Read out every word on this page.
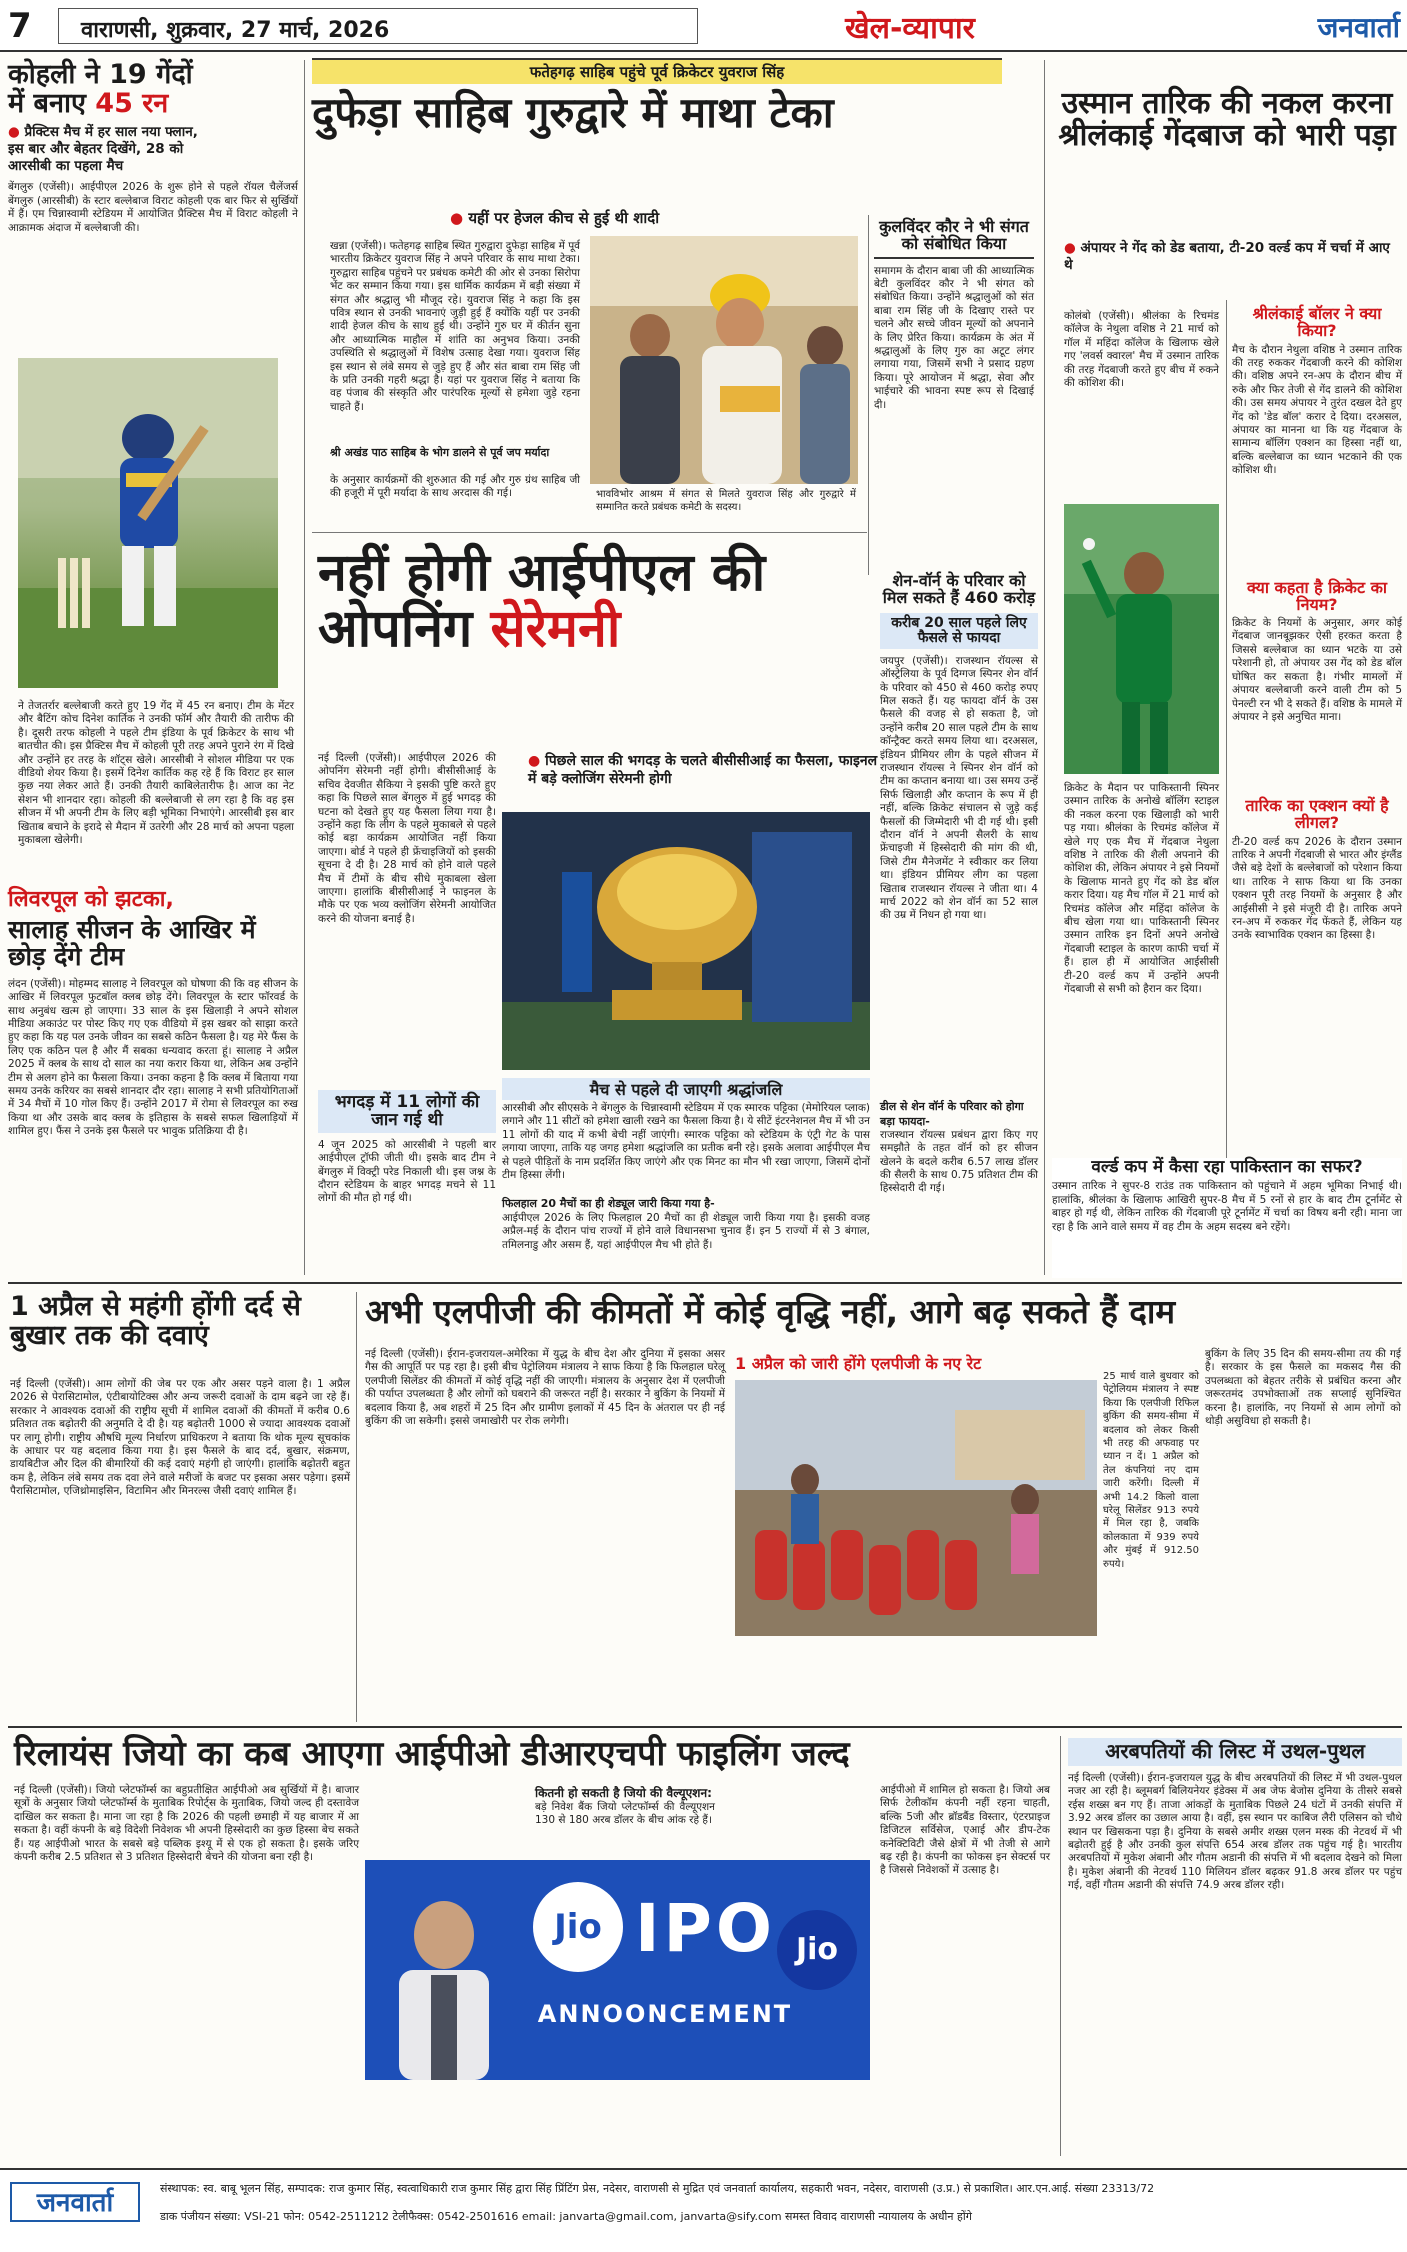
7	वाराणसी, शुक्रवार, 27 मार्च, 2026	खेल-व्यापार	जनवार्ता
कोहली ने 19 गेंदों
में बनाए 45 रन
● प्रैक्टिस मैच में हर साल नया फ्लान,
इस बार और बेहतर दिखेंगे, 28 को
आरसीबी का पहला मैच
बेंगलुरु (एजेंसी)। आईपीएल 2026 के शुरू होने से पहले रॉयल चैलेंजर्स बेंगलुरु (आरसीबी) के स्टार बल्लेबाज विराट कोहली एक बार फिर से सुर्खियों में हैं। एम चिन्नास्वामी स्टेडियम में आयोजित प्रैक्टिस मैच में विराट कोहली ने आक्रामक अंदाज में बल्लेबाजी की।
ने तेजतर्रार बल्लेबाजी करते हुए 19 गेंद में 45 रन बनाए। टीम के मेंटर और बैटिंग कोच दिनेश कार्तिक ने उनकी फॉर्म और तैयारी की तारीफ की है। दूसरी तरफ कोहली ने पहले टीम इंडिया के पूर्व क्रिकेटर के साथ भी बातचीत की। इस प्रैक्टिस मैच में कोहली पूरी तरह अपने पुराने रंग में दिखे और उन्होंने हर तरह के शॉट्स खेले। आरसीबी ने सोशल मीडिया पर एक वीडियो शेयर किया है। इसमें दिनेश कार्तिक कह रहे हैं कि विराट हर साल कुछ नया लेकर आते हैं। उनकी तैयारी काबिलेतारीफ है। आज का नेट सेशन भी शानदार रहा। कोहली की बल्लेबाजी से लग रहा है कि वह इस सीजन में भी अपनी टीम के लिए बड़ी भूमिका निभाएंगे। आरसीबी इस बार खिताब बचाने के इरादे से मैदान में उतरेगी और 28 मार्च को अपना पहला मुकाबला खेलेगी।
लिवरपूल को झटका,
सालाह सीजन के आखिर में छोड़ देंगे टीम
लंदन (एजेंसी)। मोहम्मद सालाह ने लिवरपूल को घोषणा की कि वह सीजन के आखिर में लिवरपूल फुटबॉल क्लब छोड़ देंगे। लिवरपूल के स्टार फॉरवर्ड के साथ अनुबंध खत्म हो जाएगा। 33 साल के इस खिलाड़ी ने अपने सोशल मीडिया अकाउंट पर पोस्ट किए गए एक वीडियो में इस खबर को साझा करते हुए कहा कि यह पल उनके जीवन का सबसे कठिन फैसला है। यह मेरे फैंस के लिए एक कठिन पल है और मैं सबका धन्यवाद करता हूं। सालाह ने अप्रैल 2025 में क्लब के साथ दो साल का नया करार किया था, लेकिन अब उन्होंने टीम से अलग होने का फैसला किया। उनका कहना है कि क्लब में बिताया गया समय उनके करियर का सबसे शानदार दौर रहा। सालाह ने सभी प्रतियोगिताओं में 34 मैचों में 10 गोल किए हैं। उन्होंने 2017 में रोमा से लिवरपूल का रुख किया था और उसके बाद क्लब के इतिहास के सबसे सफल खिलाड़ियों में शामिल हुए। फैंस ने उनके इस फैसले पर भावुक प्रतिक्रिया दी है।
फतेहगढ़ साहिब पहुंचे पूर्व क्रिकेटर युवराज सिंह
दुफेड़ा साहिब गुरुद्वारे में माथा टेका
● यहीं पर हेजल कीच से हुई थी शादी
खन्ना (एजेंसी)। फतेहगढ़ साहिब स्थित गुरुद्वारा दुफेड़ा साहिब में पूर्व भारतीय क्रिकेटर युवराज सिंह ने अपने परिवार के साथ माथा टेका। गुरुद्वारा साहिब पहुंचने पर प्रबंधक कमेटी की ओर से उनका सिरोपा भेंट कर सम्मान किया गया। इस धार्मिक कार्यक्रम में बड़ी संख्या में संगत और श्रद्धालु भी मौजूद रहे। युवराज सिंह ने कहा कि इस पवित्र स्थान से उनकी भावनाएं जुड़ी हुई हैं क्योंकि यहीं पर उनकी शादी हेजल कीच के साथ हुई थी। उन्होंने गुरु घर में कीर्तन सुना और आध्यात्मिक माहौल में शांति का अनुभव किया। उनकी उपस्थिति से श्रद्धालुओं में विशेष उत्साह देखा गया। युवराज सिंह इस स्थान से लंबे समय से जुड़े हुए हैं और संत बाबा राम सिंह जी के प्रति उनकी गहरी श्रद्धा है। यहां पर युवराज सिंह ने बताया कि वह पंजाब की संस्कृति और पारंपरिक मूल्यों से हमेशा जुड़े रहना चाहते हैं।
श्री अखंड पाठ साहिब के भोग डालने से पूर्व जप मर्यादा
के अनुसार कार्यक्रमों की शुरुआत की गई और गुरु ग्रंथ साहिब जी की हजूरी में पूरी मर्यादा के साथ अरदास की गई।	भावविभोर आश्रम में संगत से मिलते युवराज सिंह और गुरुद्वारे में सम्मानित करते प्रबंधक कमेटी के सदस्य।
कुलविंदर कौर ने भी संगत को संबोधित किया
समागम के दौरान बाबा जी की आध्यात्मिक बेटी कुलविंदर कौर ने भी संगत को संबोधित किया। उन्होंने श्रद्धालुओं को संत बाबा राम सिंह जी के दिखाए रास्ते पर चलने और सच्चे जीवन मूल्यों को अपनाने के लिए प्रेरित किया। कार्यक्रम के अंत में श्रद्धालुओं के लिए गुरु का अटूट लंगर लगाया गया, जिसमें सभी ने प्रसाद ग्रहण किया। पूरे आयोजन में श्रद्धा, सेवा और भाईचारे की भावना स्पष्ट रूप से दिखाई दी।
नहीं होगी आईपीएल की
ओपनिंग सेरेमनी
नई दिल्ली (एजेंसी)। आईपीएल 2026 की ओपनिंग सेरेमनी नहीं होगी। बीसीसीआई के सचिव देवजीत सैकिया ने इसकी पुष्टि करते हुए कहा कि पिछले साल बेंगलुरु में हुई भगदड़ की घटना को देखते हुए यह फैसला लिया गया है। उन्होंने कहा कि लीग के पहले मुकाबले से पहले कोई बड़ा कार्यक्रम आयोजित नहीं किया जाएगा। बोर्ड ने पहले ही फ्रेंचाइजियों को इसकी सूचना दे दी है। 28 मार्च को होने वाले पहले मैच में टीमों के बीच सीधे मुकाबला खेला जाएगा। हालांकि बीसीसीआई ने फाइनल के मौके पर एक भव्य क्लोजिंग सेरेमनी आयोजित करने की योजना बनाई है।
● पिछले साल की भगदड़ के चलते बीसीसीआई का फैसला, फाइनल में बड़े क्लोजिंग सेरेमनी होगी
मैच से पहले दी जाएगी श्रद्धांजलि
भगदड़ में 11 लोगों की जान गई थी
4 जून 2025 को आरसीबी ने पहली बार आईपीएल ट्रॉफी जीती थी। इसके बाद टीम ने बेंगलुरु में विक्ट्री परेड निकाली थी। इस जश्न के दौरान स्टेडियम के बाहर भगदड़ मचने से 11 लोगों की मौत हो गई थी।
आरसीबी और सीएसके ने बेंगलुरु के चिन्नास्वामी स्टेडियम में एक स्मारक पट्टिका (मेमोरियल प्लाक) लगाने और 11 सीटों को हमेशा खाली रखने का फैसला किया है। ये सीटें इंटरनेशनल मैच में भी उन 11 लोगों की याद में कभी बेची नहीं जाएंगी। स्मारक पट्टिका को स्टेडियम के एंट्री गेट के पास लगाया जाएगा, ताकि यह जगह हमेशा श्रद्धांजलि का प्रतीक बनी रहे। इसके अलावा आईपीएल मैच से पहले पीड़ितों के नाम प्रदर्शित किए जाएंगे और एक मिनट का मौन भी रखा जाएगा, जिसमें दोनों टीम हिस्सा लेंगी।
फिलहाल 20 मैचों का ही शेड्यूल जारी किया गया है-
आईपीएल 2026 के लिए फिलहाल 20 मैचों का ही शेड्यूल जारी किया गया है। इसकी वजह अप्रैल-मई के दौरान पांच राज्यों में होने वाले विधानसभा चुनाव हैं। इन 5 राज्यों में से 3 बंगाल, तमिलनाडु और असम हैं, यहां आईपीएल मैच भी होते हैं।
शेन-वॉर्न के परिवार को मिल सकते हैं 460 करोड़
करीब 20 साल पहले लिए फैसले से फायदा
जयपुर (एजेंसी)। राजस्थान रॉयल्स से ऑस्ट्रेलिया के पूर्व दिग्गज स्पिनर शेन वॉर्न के परिवार को 450 से 460 करोड़ रुपए मिल सकते हैं। यह फायदा वॉर्न के उस फैसले की वजह से हो सकता है, जो उन्होंने करीब 20 साल पहले टीम के साथ कॉन्ट्रैक्ट करते समय लिया था। दरअसल, इंडियन प्रीमियर लीग के पहले सीजन में राजस्थान रॉयल्स ने स्पिनर शेन वॉर्न को टीम का कप्तान बनाया था। उस समय उन्हें सिर्फ खिलाड़ी और कप्तान के रूप में ही नहीं, बल्कि क्रिकेट संचालन से जुड़े कई फैसलों की जिम्मेदारी भी दी गई थी। इसी दौरान वॉर्न ने अपनी सैलरी के साथ फ्रेंचाइजी में हिस्सेदारी की मांग की थी, जिसे टीम मैनेजमेंट ने स्वीकार कर लिया था। इंडियन प्रीमियर लीग का पहला खिताब राजस्थान रॉयल्स ने जीता था। 4 मार्च 2022 को शेन वॉर्न का 52 साल की उम्र में निधन हो गया था।
डील से शेन वॉर्न के परिवार को होगा बड़ा फायदा-
राजस्थान रॉयल्स प्रबंधन द्वारा किए गए समझौते के तहत वॉर्न को हर सीजन खेलने के बदले करीब 6.57 लाख डॉलर की सैलरी के साथ 0.75 प्रतिशत टीम की हिस्सेदारी दी गई।
उस्मान तारिक की नकल करना श्रीलंकाई गेंदबाज को भारी पड़ा
● अंपायर ने गेंद को डेड बताया, टी-20 वर्ल्ड कप में चर्चा में आए थे
कोलंबो (एजेंसी)। श्रीलंका के रिचमंड कॉलेज के नेथुला वशिष्ठ ने 21 मार्च को गॉल में महिंदा कॉलेज के खिलाफ खेले गए 'लवर्स क्वारल' मैच में उस्मान तारिक की तरह गेंदबाजी करते हुए बीच में रुकने की कोशिश की।
क्रिकेट के मैदान पर पाकिस्तानी स्पिनर उस्मान तारिक के अनोखे बॉलिंग स्टाइल की नकल करना एक खिलाड़ी को भारी पड़ गया। श्रीलंका के रिचमंड कॉलेज में खेले गए एक मैच में गेंदबाज नेथुला वशिष्ठ ने तारिक की शैली अपनाने की कोशिश की, लेकिन अंपायर ने इसे नियमों के खिलाफ मानते हुए गेंद को डेड बॉल करार दिया। यह मैच गॉल में 21 मार्च को रिचमंड कॉलेज और महिंदा कॉलेज के बीच खेला गया था। पाकिस्तानी स्पिनर उस्मान तारिक इन दिनों अपने अनोखे गेंदबाजी स्टाइल के कारण काफी चर्चा में हैं। हाल ही में आयोजित आईसीसी टी-20 वर्ल्ड कप में उन्होंने अपनी गेंदबाजी से सभी को हैरान कर दिया।
श्रीलंकाई बॉलर ने क्या किया?
मैच के दौरान नेथुला वशिष्ठ ने उस्मान तारिक की तरह रुककर गेंदबाजी करने की कोशिश की। वशिष्ठ अपने रन-अप के दौरान बीच में रुके और फिर तेजी से गेंद डालने की कोशिश की। उस समय अंपायर ने तुरंत दखल देते हुए गेंद को 'डेड बॉल' करार दे दिया। दरअसल, अंपायर का मानना था कि यह गेंदबाज के सामान्य बॉलिंग एक्शन का हिस्सा नहीं था, बल्कि बल्लेबाज का ध्यान भटकाने की एक कोशिश थी।
क्या कहता है क्रिकेट का नियम?
क्रिकेट के नियमों के अनुसार, अगर कोई गेंदबाज जानबूझकर ऐसी हरकत करता है जिससे बल्लेबाज का ध्यान भटके या उसे परेशानी हो, तो अंपायर उस गेंद को डेड बॉल घोषित कर सकता है। गंभीर मामलों में अंपायर बल्लेबाजी करने वाली टीम को 5 पेनल्टी रन भी दे सकते हैं। वशिष्ठ के मामले में अंपायर ने इसे अनुचित माना।
तारिक का एक्शन क्यों है लीगल?
टी-20 वर्ल्ड कप 2026 के दौरान उस्मान तारिक ने अपनी गेंदबाजी से भारत और इंग्लैंड जैसे बड़े देशों के बल्लेबाजों को परेशान किया था। तारिक ने साफ किया था कि उनका एक्शन पूरी तरह नियमों के अनुसार है और आईसीसी ने इसे मंजूरी दी है। तारिक अपने रन-अप में रुककर गेंद फेंकते हैं, लेकिन यह उनके स्वाभाविक एक्शन का हिस्सा है।
वर्ल्ड कप में कैसा रहा पाकिस्तान का सफर?
उस्मान तारिक ने सुपर-8 राउंड तक पाकिस्तान को पहुंचाने में अहम भूमिका निभाई थी। हालांकि, श्रीलंका के खिलाफ आखिरी सुपर-8 मैच में 5 रनों से हार के बाद टीम टूर्नामेंट से बाहर हो गई थी, लेकिन तारिक की गेंदबाजी पूरे टूर्नामेंट में चर्चा का विषय बनी रही। माना जा रहा है कि आने वाले समय में वह टीम के अहम सदस्य बने रहेंगे।
1 अप्रैल से महंगी होंगी दर्द से बुखार तक की दवाएं
नई दिल्ली (एजेंसी)। आम लोगों की जेब पर एक और असर पड़ने वाला है। 1 अप्रैल 2026 से पेरासिटामोल, एंटीबायोटिक्स और अन्य जरूरी दवाओं के दाम बढ़ने जा रहे हैं। सरकार ने आवश्यक दवाओं की राष्ट्रीय सूची में शामिल दवाओं की कीमतों में करीब 0.6 प्रतिशत तक बढ़ोतरी की अनुमति दे दी है। यह बढ़ोतरी 1000 से ज्यादा आवश्यक दवाओं पर लागू होगी। राष्ट्रीय औषधि मूल्य निर्धारण प्राधिकरण ने बताया कि थोक मूल्य सूचकांक के आधार पर यह बदलाव किया गया है। इस फैसले के बाद दर्द, बुखार, संक्रमण, डायबिटीज और दिल की बीमारियों की कई दवाएं महंगी हो जाएंगी। हालांकि बढ़ोतरी बहुत कम है, लेकिन लंबे समय तक दवा लेने वाले मरीजों के बजट पर इसका असर पड़ेगा। इसमें पैरासिटामोल, एजिथ्रोमाइसिन, विटामिन और मिनरल्स जैसी दवाएं शामिल हैं।
अभी एलपीजी की कीमतों में कोई वृद्धि नहीं, आगे बढ़ सकते हैं दाम
नई दिल्ली (एजेंसी)। ईरान-इजरायल-अमेरिका में युद्ध के बीच देश और दुनिया में इसका असर गैस की आपूर्ति पर पड़ रहा है। इसी बीच पेट्रोलियम मंत्रालय ने साफ किया है कि फिलहाल घरेलू एलपीजी सिलेंडर की कीमतों में कोई वृद्धि नहीं की जाएगी। मंत्रालय के अनुसार देश में एलपीजी की पर्याप्त उपलब्धता है और लोगों को घबराने की जरूरत नहीं है। सरकार ने बुकिंग के नियमों में बदलाव किया है, अब शहरों में 25 दिन और ग्रामीण इलाकों में 45 दिन के अंतराल पर ही नई बुकिंग की जा सकेगी। इससे जमाखोरी पर रोक लगेगी।
1 अप्रैल को जारी होंगे एलपीजी के नए रेट
25 मार्च वाले बुधवार को पेट्रोलियम मंत्रालय ने स्पष्ट किया कि एलपीजी रिफिल बुकिंग की समय-सीमा में बदलाव को लेकर किसी भी तरह की अफवाह पर ध्यान न दें। 1 अप्रैल को तेल कंपनियां नए दाम जारी करेंगी। दिल्ली में अभी 14.2 किलो वाला घरेलू सिलेंडर 913 रुपये में मिल रहा है, जबकि कोलकाता में 939 रुपये और मुंबई में 912.50 रुपये।
बुकिंग के लिए 35 दिन की समय-सीमा तय की गई है। सरकार के इस फैसले का मकसद गैस की उपलब्धता को बेहतर तरीके से प्रबंधित करना और जरूरतमंद उपभोक्ताओं तक सप्लाई सुनिश्चित करना है। हालांकि, नए नियमों से आम लोगों को थोड़ी असुविधा हो सकती है।
रिलायंस जियो का कब आएगा आईपीओ डीआरएचपी फाइलिंग जल्द
नई दिल्ली (एजेंसी)। जियो प्लेटफॉर्म्स का बहुप्रतीक्षित आईपीओ अब सुर्खियों में है। बाजार सूत्रों के अनुसार जियो प्लेटफॉर्म्स के मुताबिक रिपोर्ट्स के मुताबिक, जियो जल्द ही दस्तावेज दाखिल कर सकता है। माना जा रहा है कि 2026 की पहली छमाही में यह बाजार में आ सकता है। वहीं कंपनी के बड़े विदेशी निवेशक भी अपनी हिस्सेदारी का कुछ हिस्सा बेच सकते हैं। यह आईपीओ भारत के सबसे बड़े पब्लिक इश्यू में से एक हो सकता है। इसके जरिए कंपनी करीब 2.5 प्रतिशत से 3 प्रतिशत हिस्सेदारी बेचने की योजना बना रही है।
कितनी हो सकती है जियो की वैल्यूएशन:
बड़े निवेश बैंक जियो प्लेटफॉर्म्स की वैल्यूएशन 130 से 180 अरब डॉलर के बीच आंक रहे हैं।
Jio IPO
ANNOONCEMENT
Jio
आईपीओ में शामिल हो सकता है। जियो अब सिर्फ टेलीकॉम कंपनी नहीं रहना चाहती, बल्कि 5जी और ब्रॉडबैंड विस्तार, एंटरप्राइज डिजिटल सर्विसेज, एआई और डीप-टेक कनेक्टिविटी जैसे क्षेत्रों में भी तेजी से आगे बढ़ रही है। कंपनी का फोकस इन सेक्टर्स पर है जिससे निवेशकों में उत्साह है।
अरबपतियों की लिस्ट में उथल-पुथल
नई दिल्ली (एजेंसी)। ईरान-इजरायल युद्ध के बीच अरबपतियों की लिस्ट में भी उथल-पुथल नजर आ रही है। ब्लूमबर्ग बिलियनेयर इंडेक्स में अब जेफ बेजोस दुनिया के तीसरे सबसे रईस शख्स बन गए हैं। ताजा आंकड़ों के मुताबिक पिछले 24 घंटों में उनकी संपत्ति में 3.92 अरब डॉलर का उछाल आया है। वहीं, इस स्थान पर काबिज लैरी एलिसन को चौथे स्थान पर खिसकना पड़ा है। दुनिया के सबसे अमीर शख्स एलन मस्क की नेटवर्थ में भी बढ़ोतरी हुई है और उनकी कुल संपत्ति 654 अरब डॉलर तक पहुंच गई है। भारतीय अरबपतियों में मुकेश अंबानी और गौतम अडानी की संपत्ति में भी बदलाव देखने को मिला है। मुकेश अंबानी की नेटवर्थ 110 मिलियन डॉलर बढ़कर 91.8 अरब डॉलर पर पहुंच गई, वहीं गौतम अडानी की संपत्ति 74.9 अरब डॉलर रही।
जनवार्ता	संस्थापक: स्व. बाबू भूलन सिंह, सम्पादक: राज कुमार सिंह, स्वत्वाधिकारी राज कुमार सिंह द्वारा सिंह प्रिंटिंग प्रेस, नदेसर, वाराणसी से मुद्रित एवं जनवार्ता कार्यालय, सहकारी भवन, नदेसर, वाराणसी (उ.प्र.) से प्रकाशित। आर.एन.आई. संख्या 23313/72
डाक पंजीयन संख्या: VSI-21 फोन: 0542-2511212 टेलीफैक्स: 0542-2501616 email: janvarta@gmail.com, janvarta@sify.com समस्त विवाद वाराणसी न्यायालय के अधीन होंगे
